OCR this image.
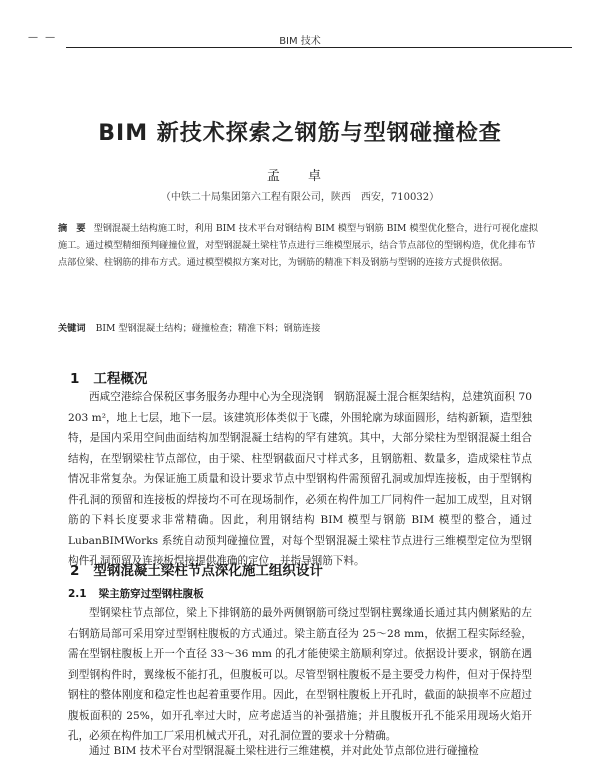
— —	BIM 技术
BIM 新技术探索之钢筋与型钢碰撞检查
孟 卓
（中铁二十局集团第六工程有限公司，陕西　西安，710032）
摘　要 型钢混凝土结构施工时，利用 BIM 技术平台对钢结构 BIM 模型与钢筋 BIM 模型优化整合，进行可视化虚拟施工。通过模型精细预判碰撞位置，对型钢混凝土梁柱节点进行三维模型展示，结合节点部位的型钢构造，优化排布节点部位梁、柱钢筋的排布方式。通过模型模拟方案对比，为钢筋的精准下料及钢筋与型钢的连接方式提供依据。
关键词 BIM 型钢混凝土结构；碰撞检查；精准下料；钢筋连接
1 工程概况

西咸空港综合保税区事务服务办理中心为全现浇钢　钢筋混凝土混合框架结构，总建筑面积 70 203 m²，地上七层，地下一层。该建筑形体类似于飞碟，外围轮廓为球面圆形，结构新颖，造型独特，是国内采用空间曲面结构加型钢混凝土结构的罕有建筑。其中，大部分梁柱为型钢混凝土组合结构，在型钢梁柱节点部位，由于梁、柱型钢截面尺寸样式多，且钢筋粗、数量多，造成梁柱节点情况非常复杂。为保证施工质量和设计要求节点中型钢构件需预留孔洞或加焊连接板，由于型钢构件孔洞的预留和连接板的焊接均不可在现场制作，必须在构件加工厂同构件一起加工成型，且对钢筋的下料长度要求非常精确。因此，利用钢结构 BIM 模型与钢筋 BIM 模型的整合，通过 LubanBIMWorks 系统自动预判碰撞位置，对每个型钢混凝土梁柱节点进行三维模型定位为型钢构件孔洞预留及连接板焊接提供准确的定位，并指导钢筋下料。

2 型钢混凝土梁柱节点深化施工组织设计
2.1 梁主筋穿过型钢柱腹板

型钢梁柱节点部位，梁上下排钢筋的最外两侧钢筋可绕过型钢柱翼缘通长通过其内侧紧贴的左右钢筋局部可采用穿过型钢柱腹板的方式通过。梁主筋直径为 25～28 mm，依据工程实际经验，需在型钢柱腹板上开一个直径 33～36 mm 的孔才能使梁主筋顺利穿过。依据设计要求，钢筋在遇到型钢构件时，翼缘板不能打孔，但腹板可以。尽管型钢柱腹板不是主要受力构件，但对于保持型钢柱的整体刚度和稳定性也起着重要作用。因此，在型钢柱腹板上开孔时，截面的缺损率不应超过腹板面积的 25%，如开孔率过大时，应考虑适当的补强措施；并且腹板开孔不能采用现场火焰开孔，必须在构件加工厂采用机械式开孔，对孔洞位置的要求十分精确。

通过 BIM 技术平台对型钢混凝土梁柱进行三维建模，并对此处节点部位进行碰撞检
